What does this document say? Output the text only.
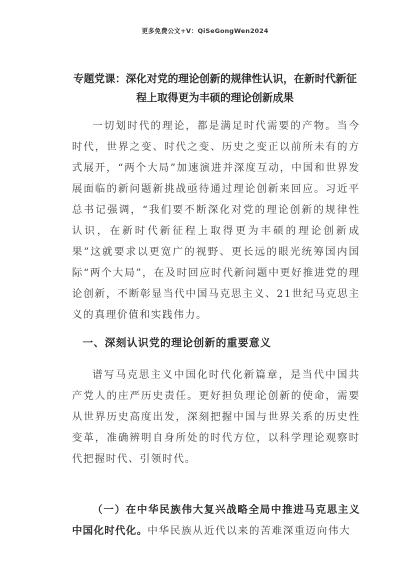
更多免费公文+V：QiSeGongWen2024
专题党课：深化对党的理论创新的规律性认识，在新时代新征程上取得更为丰硕的理论创新成果

一切划时代的理论，都是满足时代需要的产物。当今时代，世界之变、时代之变、历史之变正以前所未有的方式展开，“两个大局”加速演进并深度互动，中国和世界发展面临的新问题新挑战亟待通过理论创新来回应。习近平总书记强调，“我们要不断深化对党的理论创新的规律性认识，在新时代新征程上取得更为丰硕的理论创新成果”这就要求以更宽广的视野、更长远的眼光统筹国内国际“两个大局”，在及时回应时代新问题中更好推进党的理论创新，不断彰显当代中国马克思主义、21世纪马克思主义的真理价值和实践伟力。

一、深刻认识党的理论创新的重要意义

谱写马克思主义中国化时代化新篇章，是当代中国共产党人的庄严历史责任。更好担负理论创新的使命，需要从世界历史高度出发，深刻把握中国与世界关系的历史性变革，准确辨明自身所处的时代方位，以科学理论观察时代把握时代、引领时代。

（一）在中华民族伟大复兴战略全局中推进马克思主义中国化时代化。中华民族从近代以来的苦难深重迈向伟大
